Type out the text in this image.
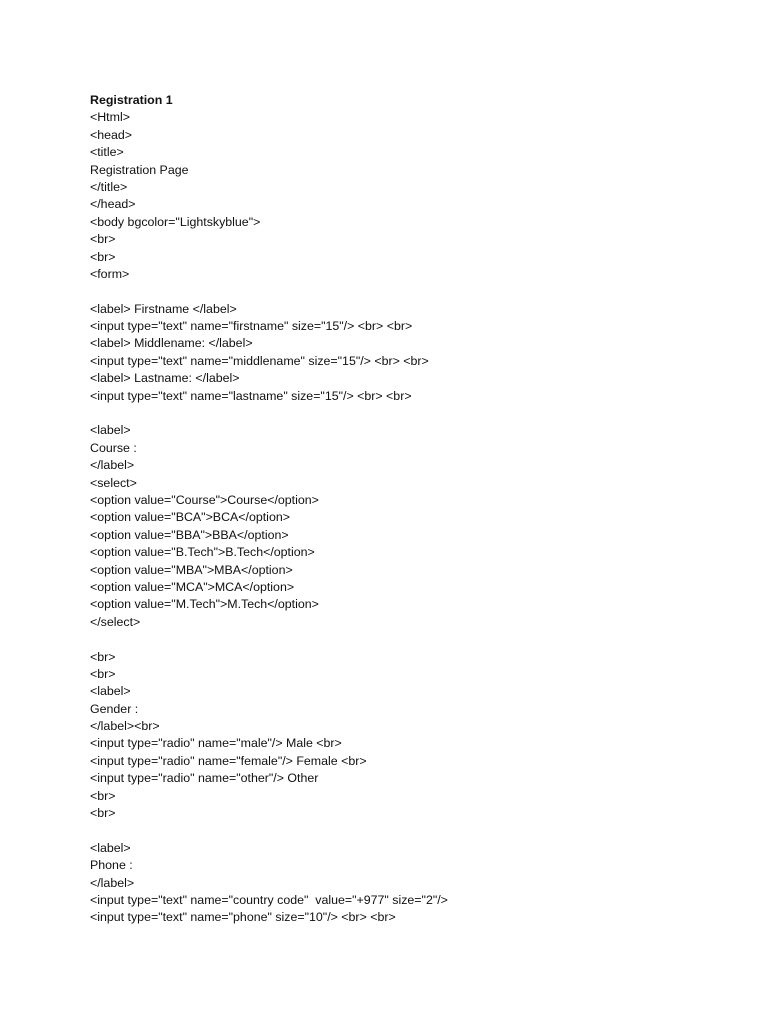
Registration 1
<Html>
<head>
<title>
Registration Page
</title>
</head>
<body bgcolor="Lightskyblue">
<br>
<br>
<form>
<label> Firstname </label>
<input type="text" name="firstname" size="15"/> <br> <br>
<label> Middlename: </label>
<input type="text" name="middlename" size="15"/> <br> <br>
<label> Lastname: </label>
<input type="text" name="lastname" size="15"/> <br> <br>
<label>
Course :
</label>
<select>
<option value="Course">Course</option>
<option value="BCA">BCA</option>
<option value="BBA">BBA</option>
<option value="B.Tech">B.Tech</option>
<option value="MBA">MBA</option>
<option value="MCA">MCA</option>
<option value="M.Tech">M.Tech</option>
</select>
<br>
<br>
<label>
Gender :
</label><br>
<input type="radio" name="male"/> Male <br>
<input type="radio" name="female"/> Female <br>
<input type="radio" name="other"/> Other
<br>
<br>
<label>
Phone :
</label>
<input type="text" name="country code"  value="+977" size="2"/>
<input type="text" name="phone" size="10"/> <br> <br>
